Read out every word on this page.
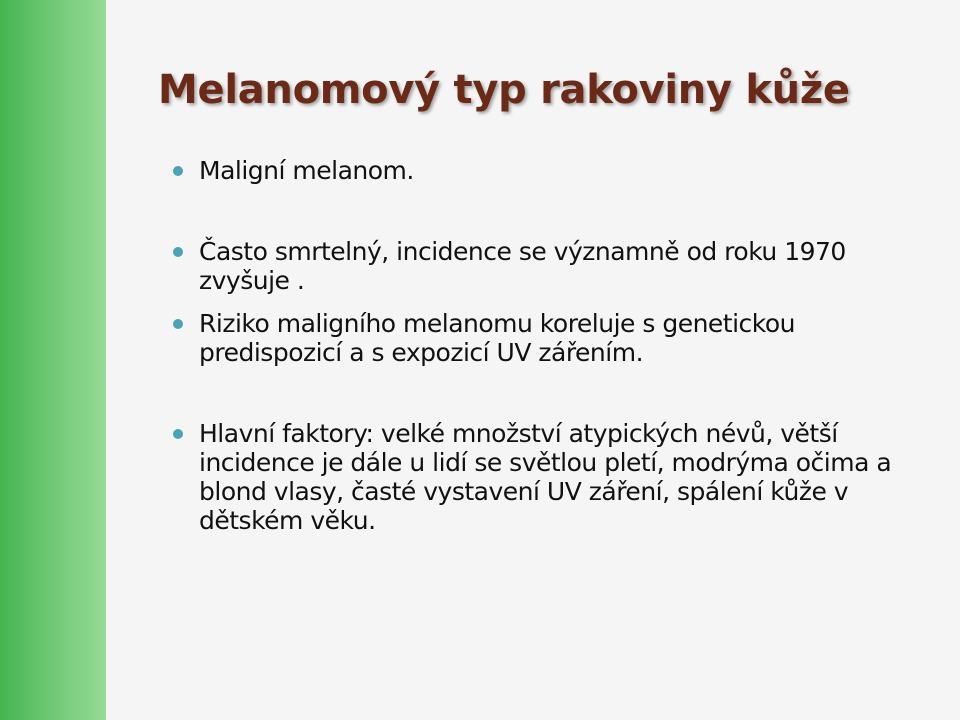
Melanomový typ rakoviny kůže
Maligní melanom.
Často smrtelný, incidence se významně od roku 1970 zvyšuje .
Riziko maligního melanomu koreluje s genetickou predispozicí a s expozicí UV zářením.
Hlavní faktory: velké množství atypických névů, větší incidence je dále u lidí se světlou pletí, modrýma očima a blond vlasy, časté vystavení UV záření, spálení kůže v dětském věku.
